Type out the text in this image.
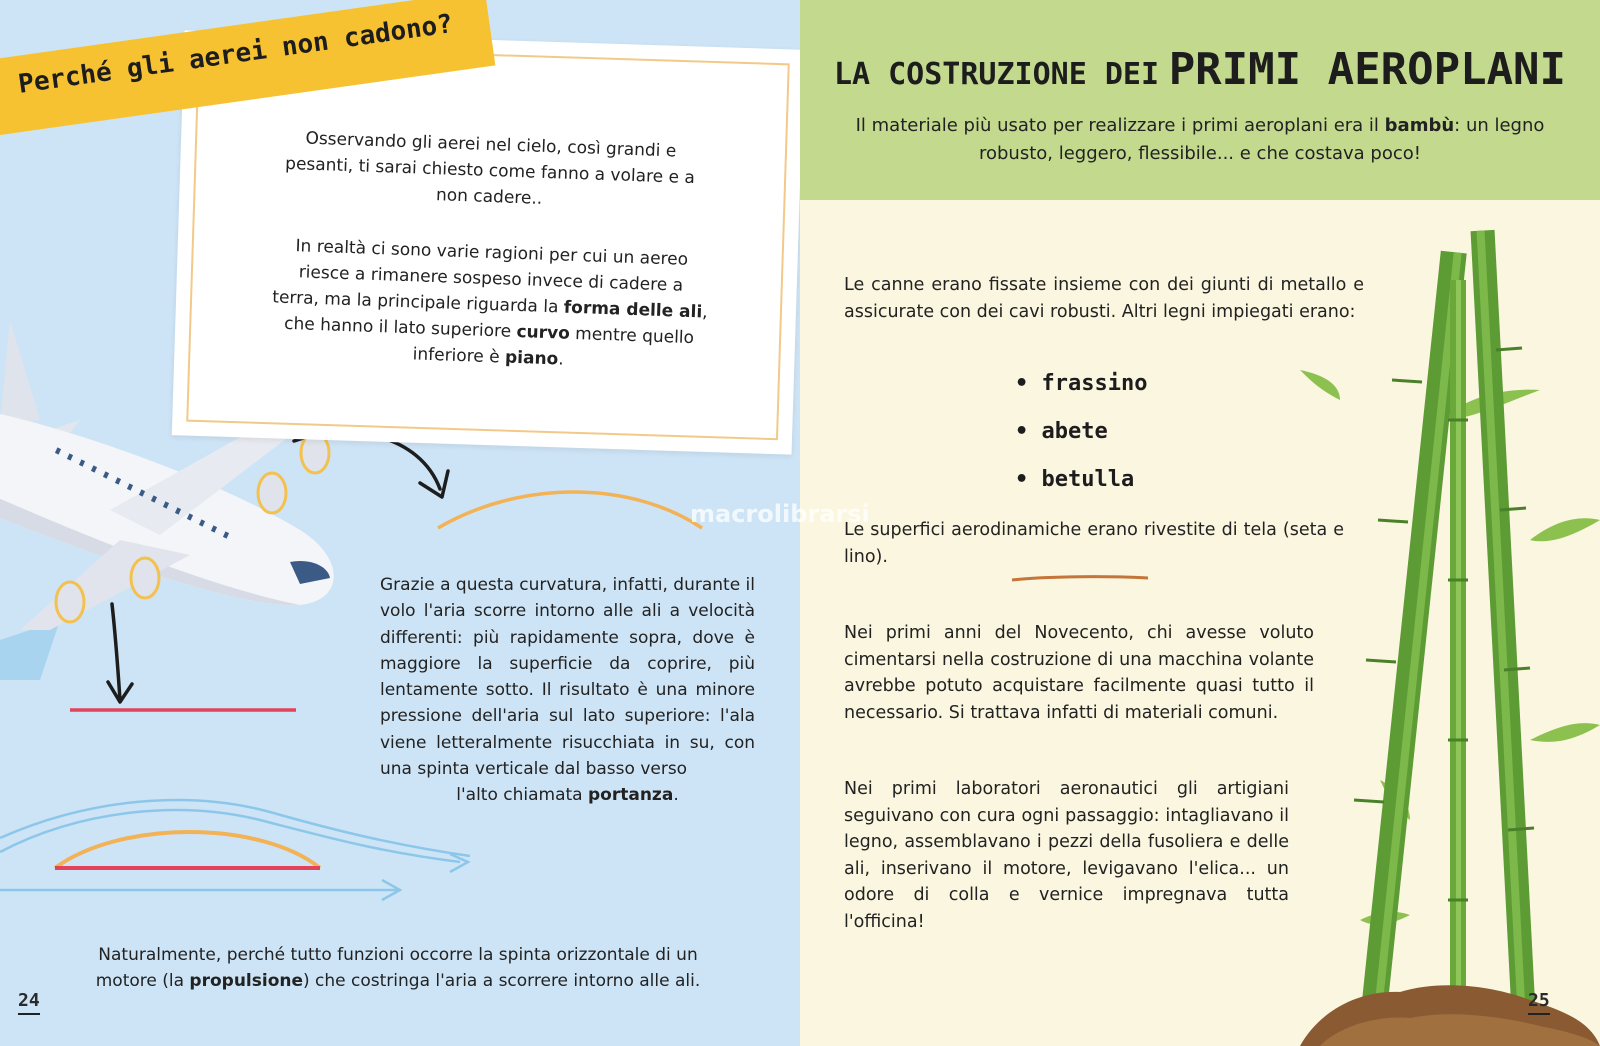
Perché gli aerei non cadono?
Osservando gli aerei nel cielo, così grandi e
pesanti, ti sarai chiesto come fanno a volare e a
non cadere..
In realtà ci sono varie ragioni per cui un aereo
riesce a rimanere sospeso invece di cadere a
terra, ma la principale riguarda la forma delle ali,
che hanno il lato superiore curvo mentre quello
inferiore è piano.
Grazie a questa curvatura, infatti, durante il volo l'aria scorre intorno alle ali a velocità differenti: più rapidamente sopra, dove è maggiore la superficie da coprire, più lentamente sotto. Il risultato è una minore pressione dell'aria sul lato superiore: l'ala viene letteralmente risucchiata in su, con una spinta verticale dal basso verso
l'alto chiamata portanza.
Naturalmente, perché tutto funzioni occorre la spinta orizzontale di un motore (la propulsione) che costringa l'aria a scorrere intorno alle ali.
24
LA COSTRUZIONE DEI PRIMI AEROPLANI
Il materiale più usato per realizzare i primi aeroplani era il bambù: un legno robusto, leggero, flessibile... e che costava poco!
Le canne erano fissate insieme con dei giunti di metallo e assicurate con dei cavi robusti. Altri legni impiegati erano:
• frassino
• abete
• betulla
Le superfici aerodinamiche erano rivestite di tela (seta e lino).
Nei primi anni del Novecento, chi avesse voluto cimentarsi nella costruzione di una macchina volante avrebbe potuto acquistare facilmente quasi tutto il necessario. Si trattava infatti di materiali comuni.
Nei primi laboratori aeronautici gli artigiani seguivano con cura ogni passaggio: intagliavano il legno, assemblavano i pezzi della fusoliera e delle ali, inserivano il motore, levigavano l'elica... un odore di colla e vernice impregnava tutta l'officina!
25
macrolibrarsi
